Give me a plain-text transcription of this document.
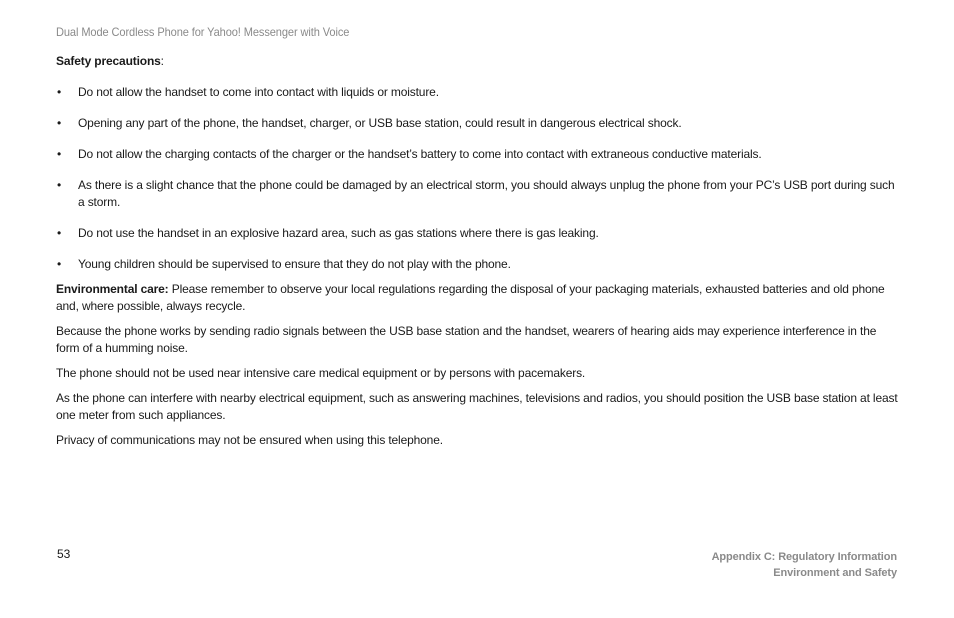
Dual Mode Cordless Phone for Yahoo! Messenger with Voice

Safety precautions:

• Do not allow the handset to come into contact with liquids or moisture.
• Opening any part of the phone, the handset, charger, or USB base station, could result in dangerous electrical shock.
• Do not allow the charging contacts of the charger or the handset’s battery to come into contact with extraneous conductive materials.
• As there is a slight chance that the phone could be damaged by an electrical storm, you should always unplug the phone from your PC’s USB port during such a storm.
• Do not use the handset in an explosive hazard area, such as gas stations where there is gas leaking.
• Young children should be supervised to ensure that they do not play with the phone.

Environmental care: Please remember to observe your local regulations regarding the disposal of your packaging materials, exhausted batteries and old phone and, where possible, always recycle.

Because the phone works by sending radio signals between the USB base station and the handset, wearers of hearing aids may experience interference in the form of a humming noise.

The phone should not be used near intensive care medical equipment or by persons with pacemakers.

As the phone can interfere with nearby electrical equipment, such as answering machines, televisions and radios, you should position the USB base station at least one meter from such appliances.

Privacy of communications may not be ensured when using this telephone.

53	Appendix C: Regulatory Information
Environment and Safety
